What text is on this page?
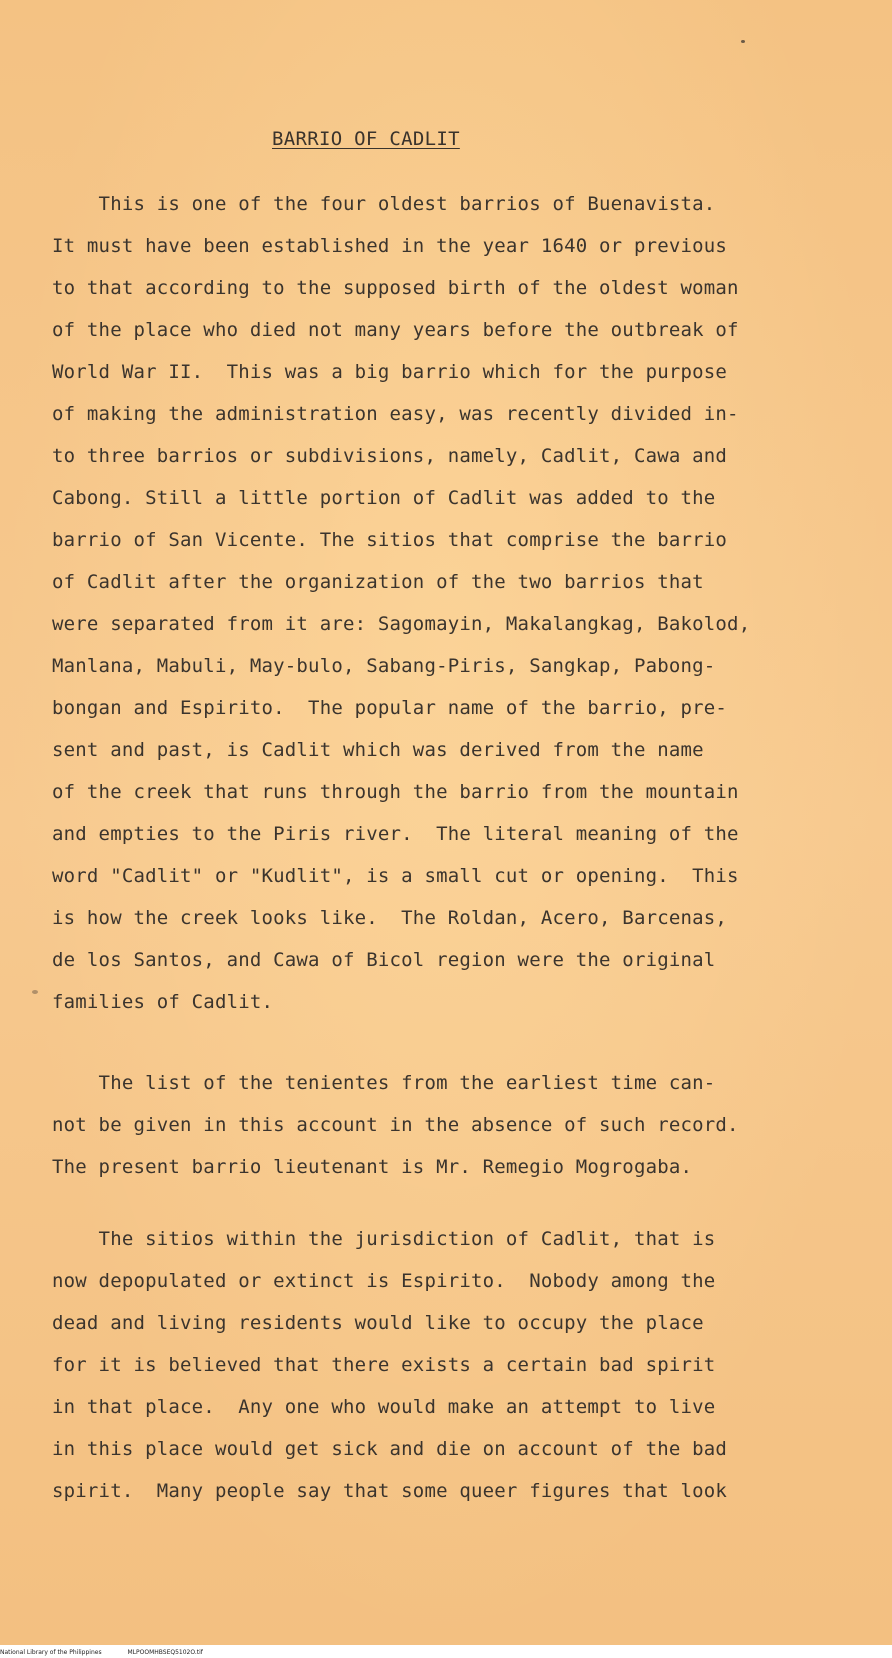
BARRIO OF CADLIT
This is one of the four oldest barrios of Buenavista.
It must have been established in the year 1640 or previous
to that according to the supposed birth of the oldest woman
of the place who died not many years before the outbreak of
World War II.  This was a big barrio which for the purpose
of making the administration easy, was recently divided in-
to three barrios or subdivisions, namely, Cadlit, Cawa and
Cabong. Still a little portion of Cadlit was added to the
barrio of San Vicente. The sitios that comprise the barrio
of Cadlit after the organization of the two barrios that
were separated from it are: Sagomayin, Makalangkag, Bakolod,
Manlana, Mabuli, May-bulo, Sabang-Piris, Sangkap, Pabong-
bongan and Espirito.  The popular name of the barrio, pre-
sent and past, is Cadlit which was derived from the name
of the creek that runs through the barrio from the mountain
and empties to the Piris river.  The literal meaning of the
word "Cadlit" or "Kudlit", is a small cut or opening.  This
is how the creek looks like.  The Roldan, Acero, Barcenas,
de los Santos, and Cawa of Bicol region were the original
families of Cadlit.
The list of the tenientes from the earliest time can-
not be given in this account in the absence of such record.
The present barrio lieutenant is Mr. Remegio Mogrogaba.
The sitios within the jurisdiction of Cadlit, that is
now depopulated or extinct is Espirito.  Nobody among the
dead and living residents would like to occupy the place
for it is believed that there exists a certain bad spirit
in that place.  Any one who would make an attempt to live
in this place would get sick and die on account of the bad
spirit.  Many people say that some queer figures that look
National Library of the Philippines	MLPOOMHBSEQ5102O.tif
